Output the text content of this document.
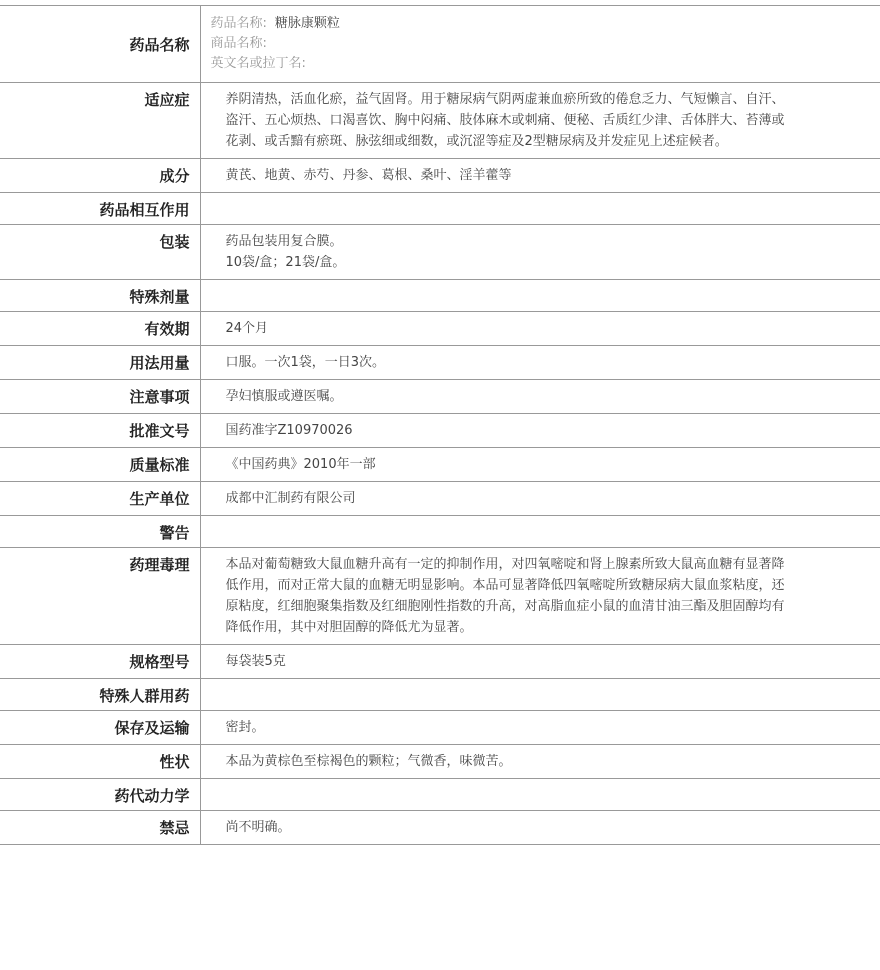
药品名称	药品名称: 糖脉康颗粒
商品名称:
英文名或拉丁名:

适应症	养阴清热，活血化瘀，益气固肾。用于糖尿病气阴两虚兼血瘀所致的倦怠乏力、气短懒言、自汗、盗汗、五心烦热、口渴喜饮、胸中闷痛、肢体麻木或刺痛、便秘、舌质红少津、舌体胖大、苔薄或花剥、或舌黯有瘀斑、脉弦细或细数，或沉涩等症及2型糖尿病及并发症见上述症候者。
成分	黄芪、地黄、赤芍、丹参、葛根、桑叶、淫羊藿等
药品相互作用	
包装	药品包装用复合膜。
10袋/盒；21袋/盒。

特殊剂量	
有效期	24个月
用法用量	口服。一次1袋，一日3次。
注意事项	孕妇慎服或遵医嘱。
批准文号	国药准字Z10970026
质量标准	《中国药典》2010年一部
生产单位	成都中汇制药有限公司
警告	
药理毒理	本品对葡萄糖致大鼠血糖升高有一定的抑制作用，对四氧嘧啶和肾上腺素所致大鼠高血糖有显著降低作用，而对正常大鼠的血糖无明显影响。本品可显著降低四氧嘧啶所致糖尿病大鼠血浆粘度，还原粘度，红细胞聚集指数及红细胞刚性指数的升高，对高脂血症小鼠的血清甘油三酯及胆固醇均有降低作用，其中对胆固醇的降低尤为显著。
规格型号	每袋装5克
特殊人群用药	
保存及运输	密封。
性状	本品为黄棕色至棕褐色的颗粒；气微香，味微苦。
药代动力学	
禁忌	尚不明确。
